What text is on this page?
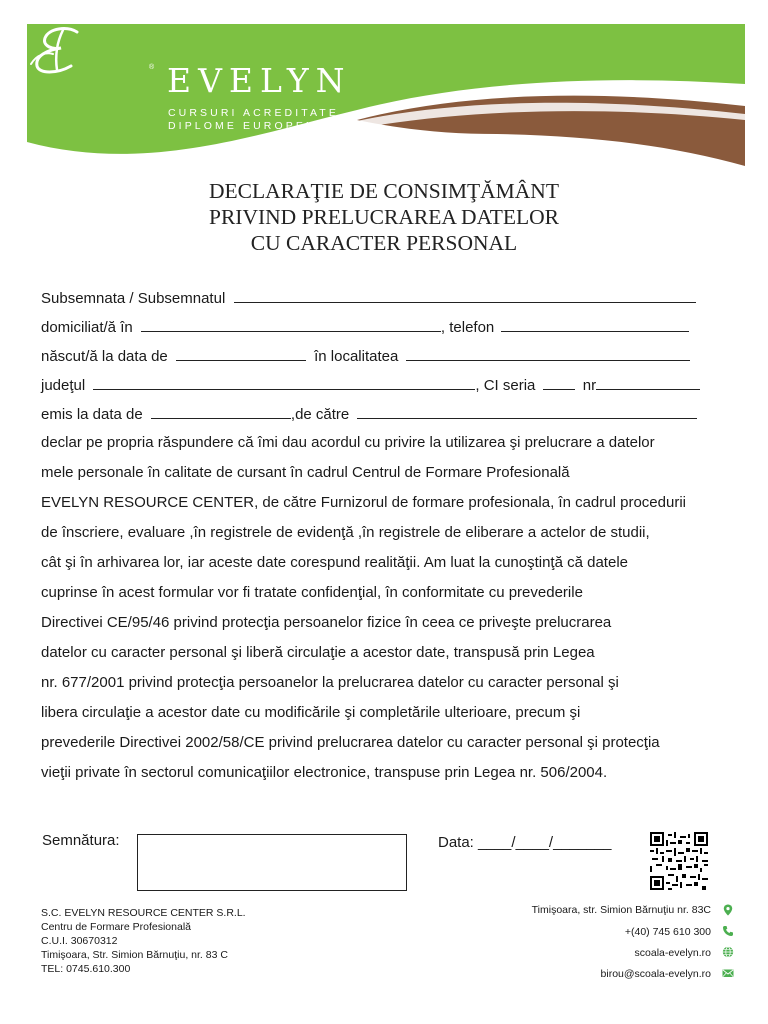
® EVELYN
CURSURI ACREDITATE
DIPLOME EUROPENE
DECLARAŢIE DE CONSIMŢĂMÂNT
PRIVIND PRELUCRAREA DATELOR
CU CARACTER PERSONAL
Subsemnata / Subsemnatul
domiciliat/ă în	, telefon
născut/ă la data de	în localitatea
judeţul	, CI seria	nr
emis la data de	,de către
declar pe propria răspundere că îmi dau acordul cu privire la utilizarea şi prelucrare a datelor
mele personale în calitate de cursant în cadrul Centrul de Formare Profesională
EVELYN RESOURCE CENTER, de către Furnizorul de formare profesionala, în cadrul procedurii
de înscriere, evaluare ,în registrele de evidenţă ,în registrele de eliberare a actelor de studii,
cât şi în arhivarea lor, iar aceste date corespund realităţii. Am luat la cunoştinţă că datele
cuprinse în acest formular vor fi tratate confidenţial, în conformitate cu prevederile
Directivei CE/95/46 privind protecţia persoanelor fizice în ceea ce priveşte prelucrarea
datelor cu caracter personal şi liberă circulaţie a acestor date, transpusă prin Legea
nr. 677/2001 privind protecţia persoanelor la prelucrarea datelor cu caracter personal şi
libera circulaţie a acestor date cu modificările şi completările ulterioare, precum şi
prevederile Directivei 2002/58/CE privind prelucrarea datelor cu caracter personal şi protecţia
vieţii private în sectorul comunicaţiilor electronice, transpuse prin Legea nr. 506/2004.
Semnătura:	Data: ____/____/_______
S.C. EVELYN RESOURCE CENTER S.R.L.
Centru de Formare Profesională
C.U.I. 30670312
Timişoara, Str. Simion Bărnuţiu, nr. 83 C
TEL: 0745.610.300
Timişoara, str. Simion Bărnuţiu nr. 83C
+(40) 745 610 300
scoala-evelyn.ro
birou@scoala-evelyn.ro
